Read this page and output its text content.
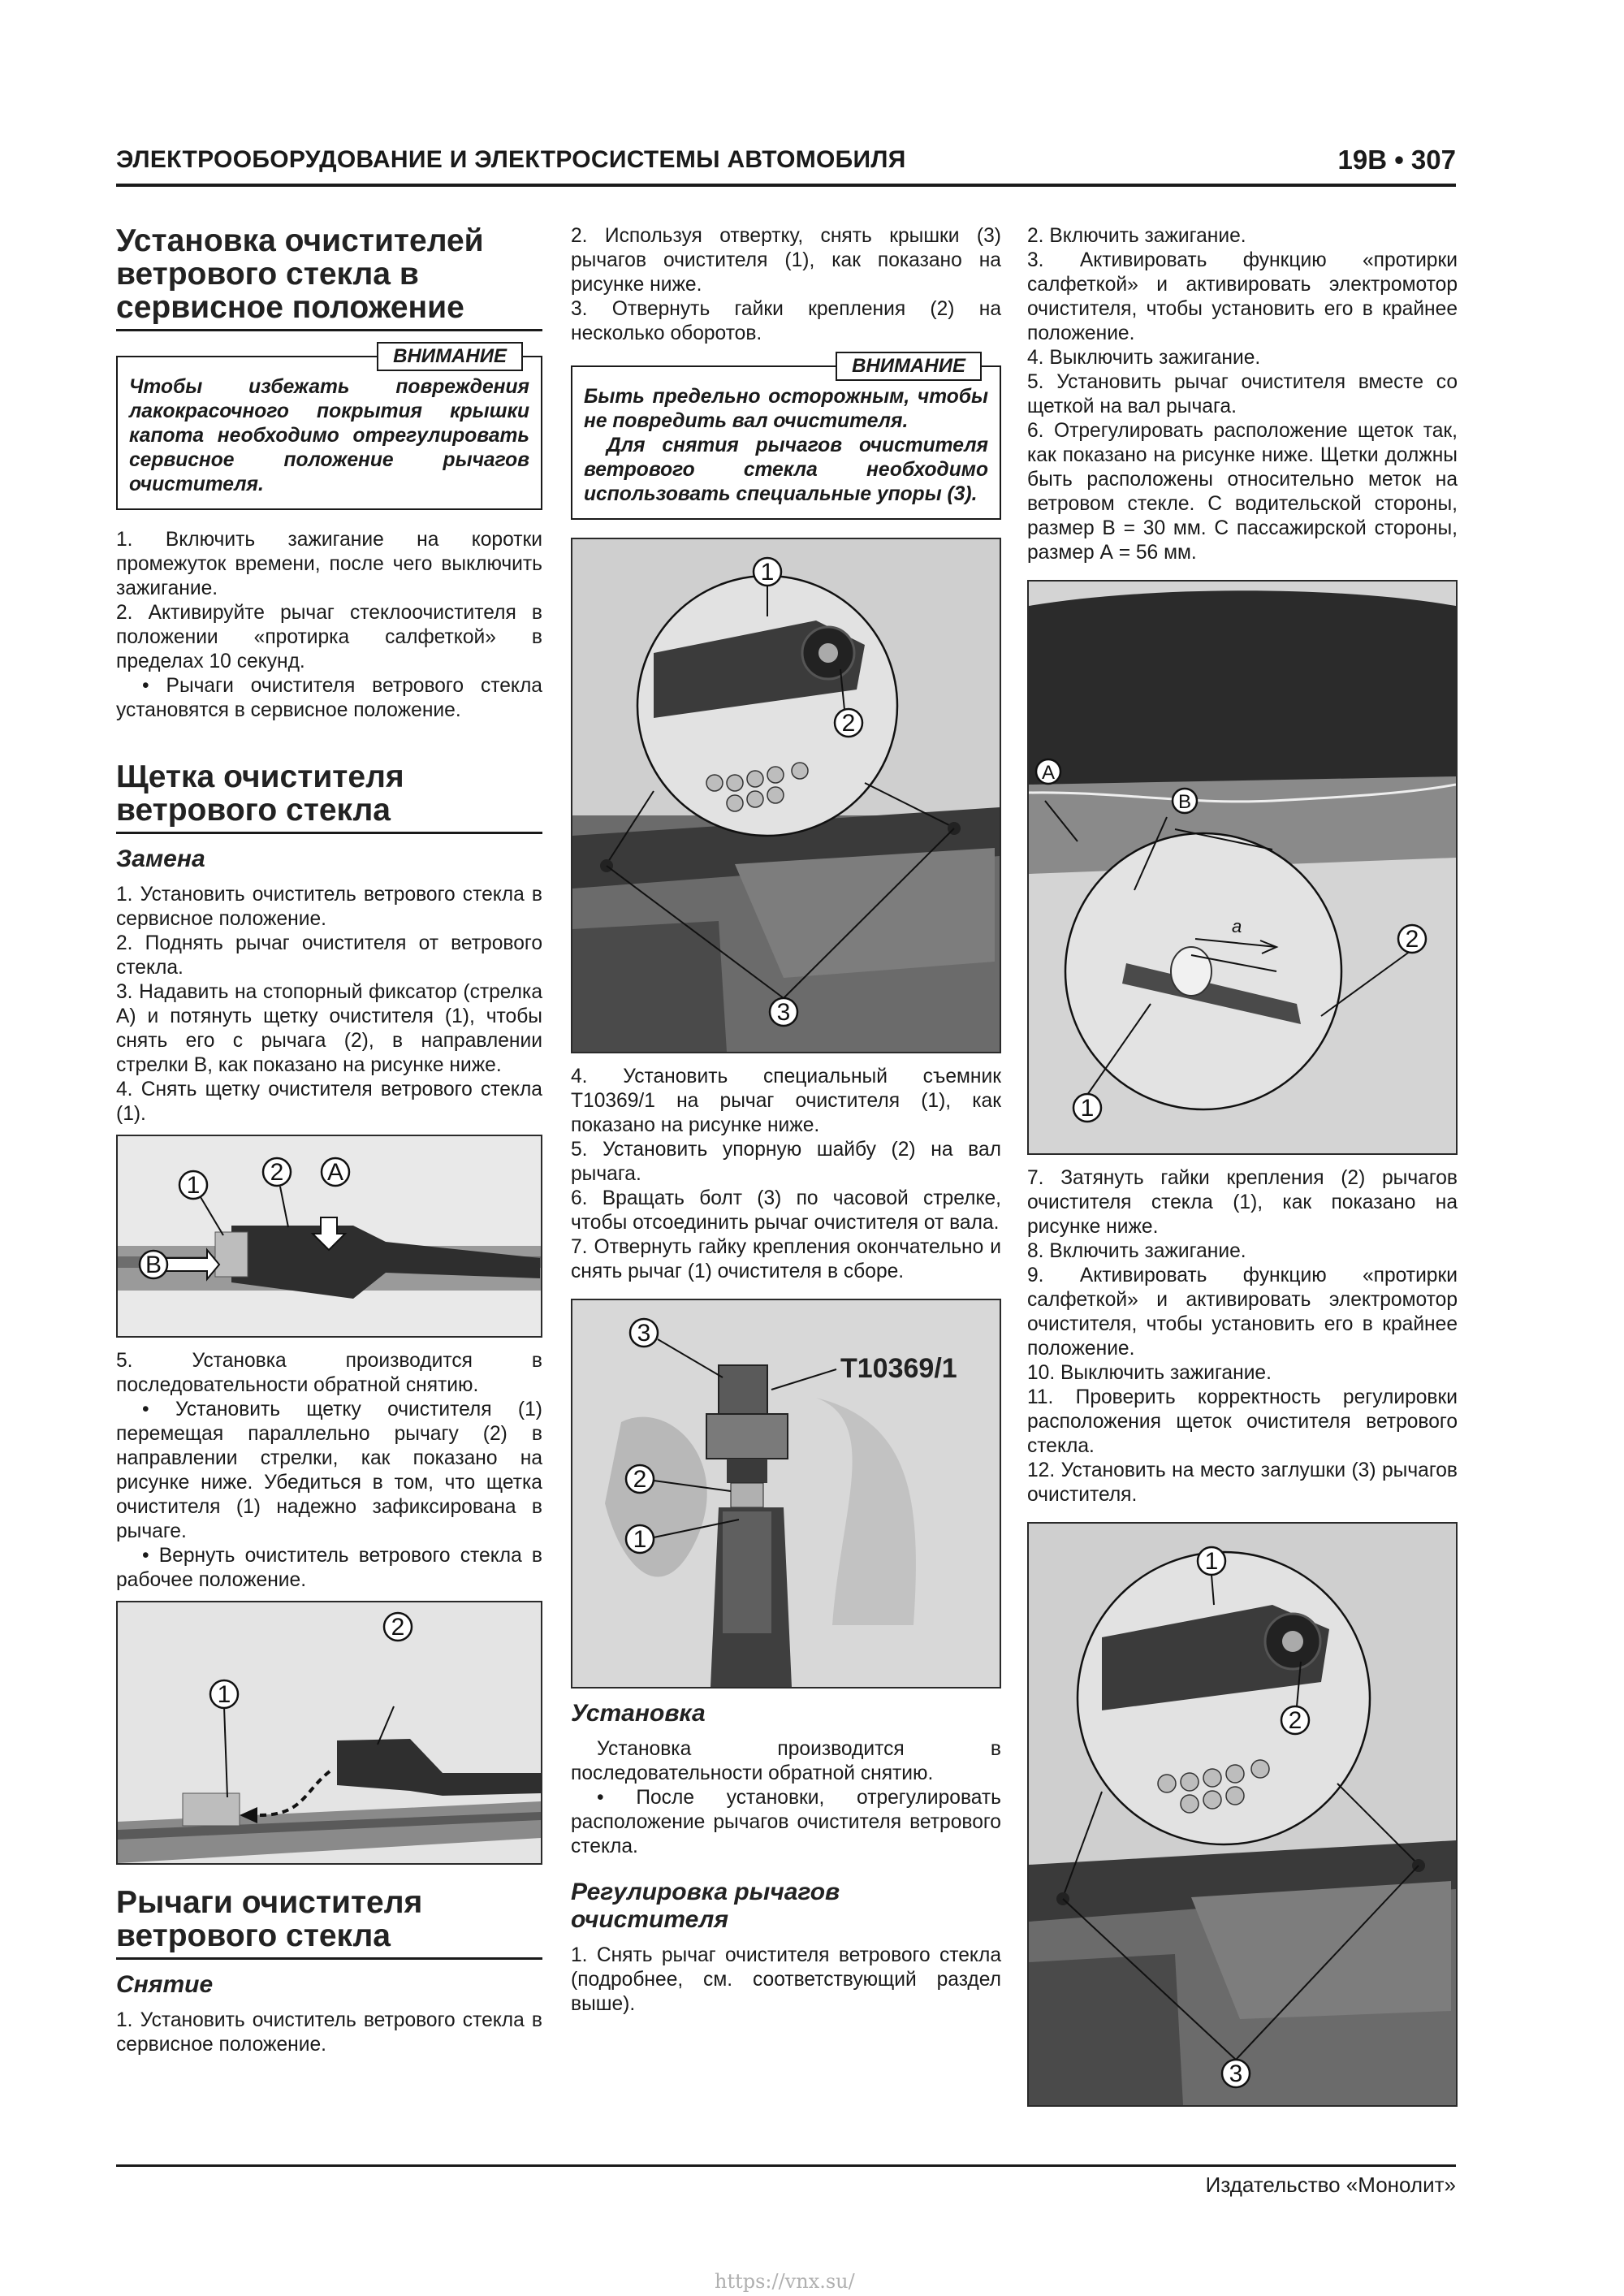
ЭЛЕКТРООБОРУДОВАНИЕ И ЭЛЕКТРОСИСТЕМЫ АВТОМОБИЛЯ	19В • 307
Установка очистителей ветрового стекла в сервисное положение
ВНИМАНИЕ
Чтобы избежать повреждения лакокрасочного покрытия крышки капота необходимо отрегулировать сервисное положение рычагов очистителя.

1. Включить зажигание на коротки промежуток времени, после чего выключить зажигание.

2. Активируйте рычаг стеклоочистителя в положении «протирка салфеткой» в пределах 10 секунд.

• Рычаги очистителя ветрового стекла установятся в сервисное положение.

Щетка очистителя ветрового стекла
Замена

1. Установить очиститель ветрового стекла в сервисное положение.

2. Поднять рычаг очистителя от ветрового стекла.

3. Надавить на стопорный фиксатор (стрелка А) и потянуть щетку очистителя (1), чтобы снять его с рычага (2), в направлении стрелки В, как показано на рисунке ниже.

4. Снять щетку очистителя ветрового стекла (1).

1	2 A
B

5. Установка производится в последовательности обратной снятию.

• Установить щетку очистителя (1) перемещая параллельно рычагу (2) в направлении стрелки, как показано на рисунке ниже. Убедиться в том, что щетка очистителя (1) надежно зафиксирована в рычаге.

• Вернуть очиститель ветрового стекла в рабочее положение.

1
2
Рычаги очистителя ветрового стекла
Снятие

1. Установить очиститель ветрового стекла в сервисное положение.

2. Используя отвертку, снять крышки (3) рычагов очистителя (1), как показано на рисунке ниже.

3. Отвернуть гайки крепления (2) на несколько оборотов.

ВНИМАНИЕ
Быть предельно осторожным, чтобы не повредить вал очистителя.
Для снятия рычагов очистителя ветрового стекла необходимо использовать специальные упоры (3).
1
2
3

4. Установить специальный съемник T10369/1 на рычаг очистителя (1), как показано на рисунке ниже.

5. Установить упорную шайбу (2) на вал рычага.

6. Вращать болт (3) по часовой стрелке, чтобы отсоединить рычаг очистителя от вала.

7. Отвернуть гайку крепления окончательно и снять рычаг (1) очистителя в сборе.

T10369/1
3
2
1
Установка

Установка производится в последовательности обратной снятию.

• После установки, отрегулировать расположение рычагов очистителя ветрового стекла.

Регулировка рычагов очистителя

1. Снять рычаг очистителя ветрового стекла (подробнее, см. соответствующий раздел выше).

2. Включить зажигание.

3. Активировать функцию «протирки салфеткой» и активировать электромотор очистителя, чтобы установить его в крайнее положение.

4. Выключить зажигание.

5. Установить рычаг очистителя вместе со щеткой на вал рычага.

6. Отрегулировать расположение щеток так, как показано на рисунке ниже. Щетки должны быть расположены относительно меток на ветровом стекле. С водительской стороны, размер В = 30 мм. С пассажирской стороны, размер А = 56 мм.

a
A
B
2
1

7. Затянуть гайки крепления (2) рычагов очистителя стекла (1), как показано на рисунке ниже.

8. Включить зажигание.

9. Активировать функцию «протирки салфеткой» и активировать электромотор очистителя, чтобы установить его в крайнее положение.

10. Выключить зажигание.

11. Проверить корректность регулировки расположения щеток очистителя ветрового стекла.

12. Установить на место заглушки (3) рычагов очистителя.

1
2
3
Издательство «Монолит»
https://vnx.su/
